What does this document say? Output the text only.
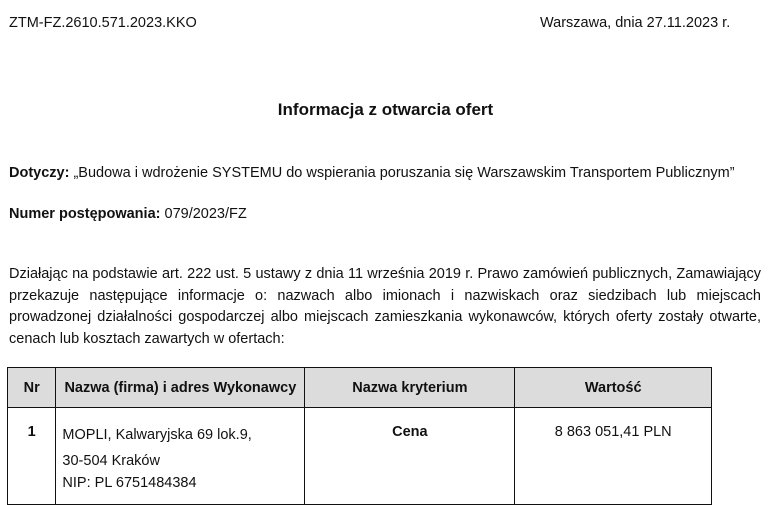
ZTM-FZ.2610.571.2023.KKO	Warszawa, dnia 27.11.2023 r.
Informacja z otwarcia ofert
Dotyczy: „Budowa i wdrożenie SYSTEMU do wspierania poruszania się Warszawskim Transportem Publicznym”
Numer postępowania: 079/2023/FZ
Działając na podstawie art. 222 ust. 5 ustawy z dnia 11 września 2019 r. Prawo zamówień publicznych, Zamawiający przekazuje następujące informacje o: nazwach albo imionach i nazwiskach oraz siedzibach lub miejscach prowadzonej działalności gospodarczej albo miejscach zamieszkania wykonawców, których oferty zostały otwarte, cenach lub kosztach zawartych w ofertach:
Nr	Nazwa (firma) i adres Wykonawcy	Nazwa kryterium	Wartość
1	MOPLI, Kalwaryjska 69 lok.9,
30-504 Kraków
NIP: PL 6751484384	Cena	8 863 051,41 PLN
